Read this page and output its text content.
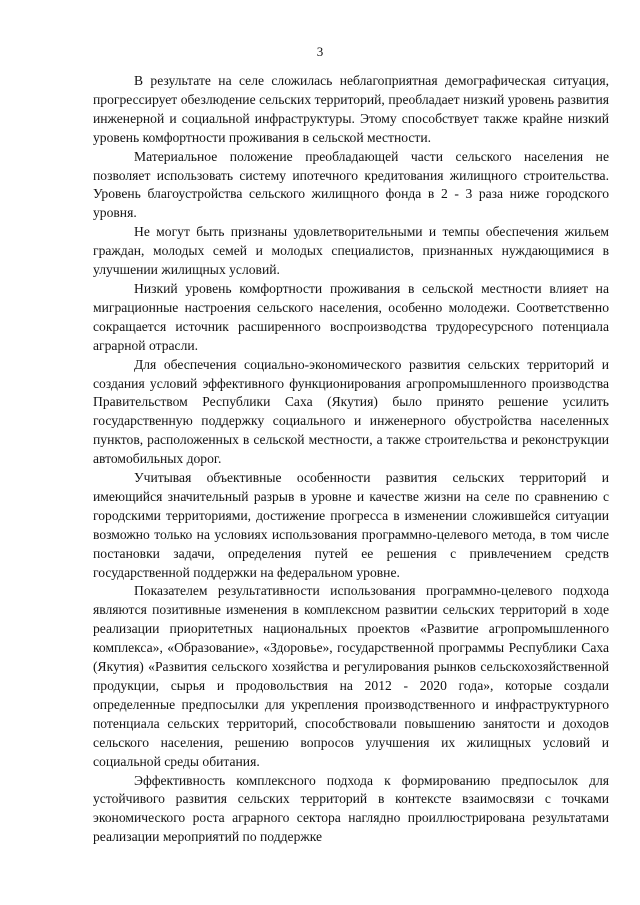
3

В результате на селе сложилась неблагоприятная демографическая ситуация, прогрессирует обезлюдение сельских территорий, преобладает низкий уровень развития инженерной и социальной инфраструктуры. Этому способствует также крайне низкий уровень комфортности проживания в сельской местности.

Материальное положение преобладающей части сельского населения не позволяет использовать систему ипотечного кредитования жилищного строительства. Уровень благоустройства сельского жилищного фонда в 2 - 3 раза ниже городского уровня.

Не могут быть признаны удовлетворительными и темпы обеспечения жильем граждан, молодых семей и молодых специалистов, признанных нуждающимися в улучшении жилищных условий.

Низкий уровень комфортности проживания в сельской местности влияет на миграционные настроения сельского населения, особенно молодежи. Соответственно сокращается источник расширенного воспроизводства трудоресурсного потенциала аграрной отрасли.

Для обеспечения социально-экономического развития сельских территорий и создания условий эффективного функционирования агропромышленного производства Правительством Республики Саха (Якутия) было принято решение усилить государственную поддержку социального и инженерного обустройства населенных пунктов, расположенных в сельской местности, а также строительства и реконструкции автомобильных дорог.

Учитывая объективные особенности развития сельских территорий и имеющийся значительный разрыв в уровне и качестве жизни на селе по сравнению с городскими территориями, достижение прогресса в изменении сложившейся ситуации возможно только на условиях использования программно-целевого метода, в том числе постановки задачи, определения путей ее решения с привлечением средств государственной поддержки на федеральном уровне.

Показателем результативности использования программно-целевого подхода являются позитивные изменения в комплексном развитии сельских территорий в ходе реализации приоритетных национальных проектов «Развитие агропромышленного комплекса», «Образование», «Здоровье», государственной программы Республики Саха (Якутия) «Развития сельского хозяйства и регулирования рынков сельскохозяйственной продукции, сырья и продовольствия на 2012 - 2020 года», которые создали определенные предпосылки для укрепления производственного и инфраструктурного потенциала сельских территорий, способствовали повышению занятости и доходов сельского населения, решению вопросов улучшения их жилищных условий и социальной среды обитания.

Эффективность комплексного подхода к формированию предпосылок для устойчивого развития сельских территорий в контексте взаимосвязи с точками экономического роста аграрного сектора наглядно проиллюстрирована результатами реализации мероприятий по поддержке
